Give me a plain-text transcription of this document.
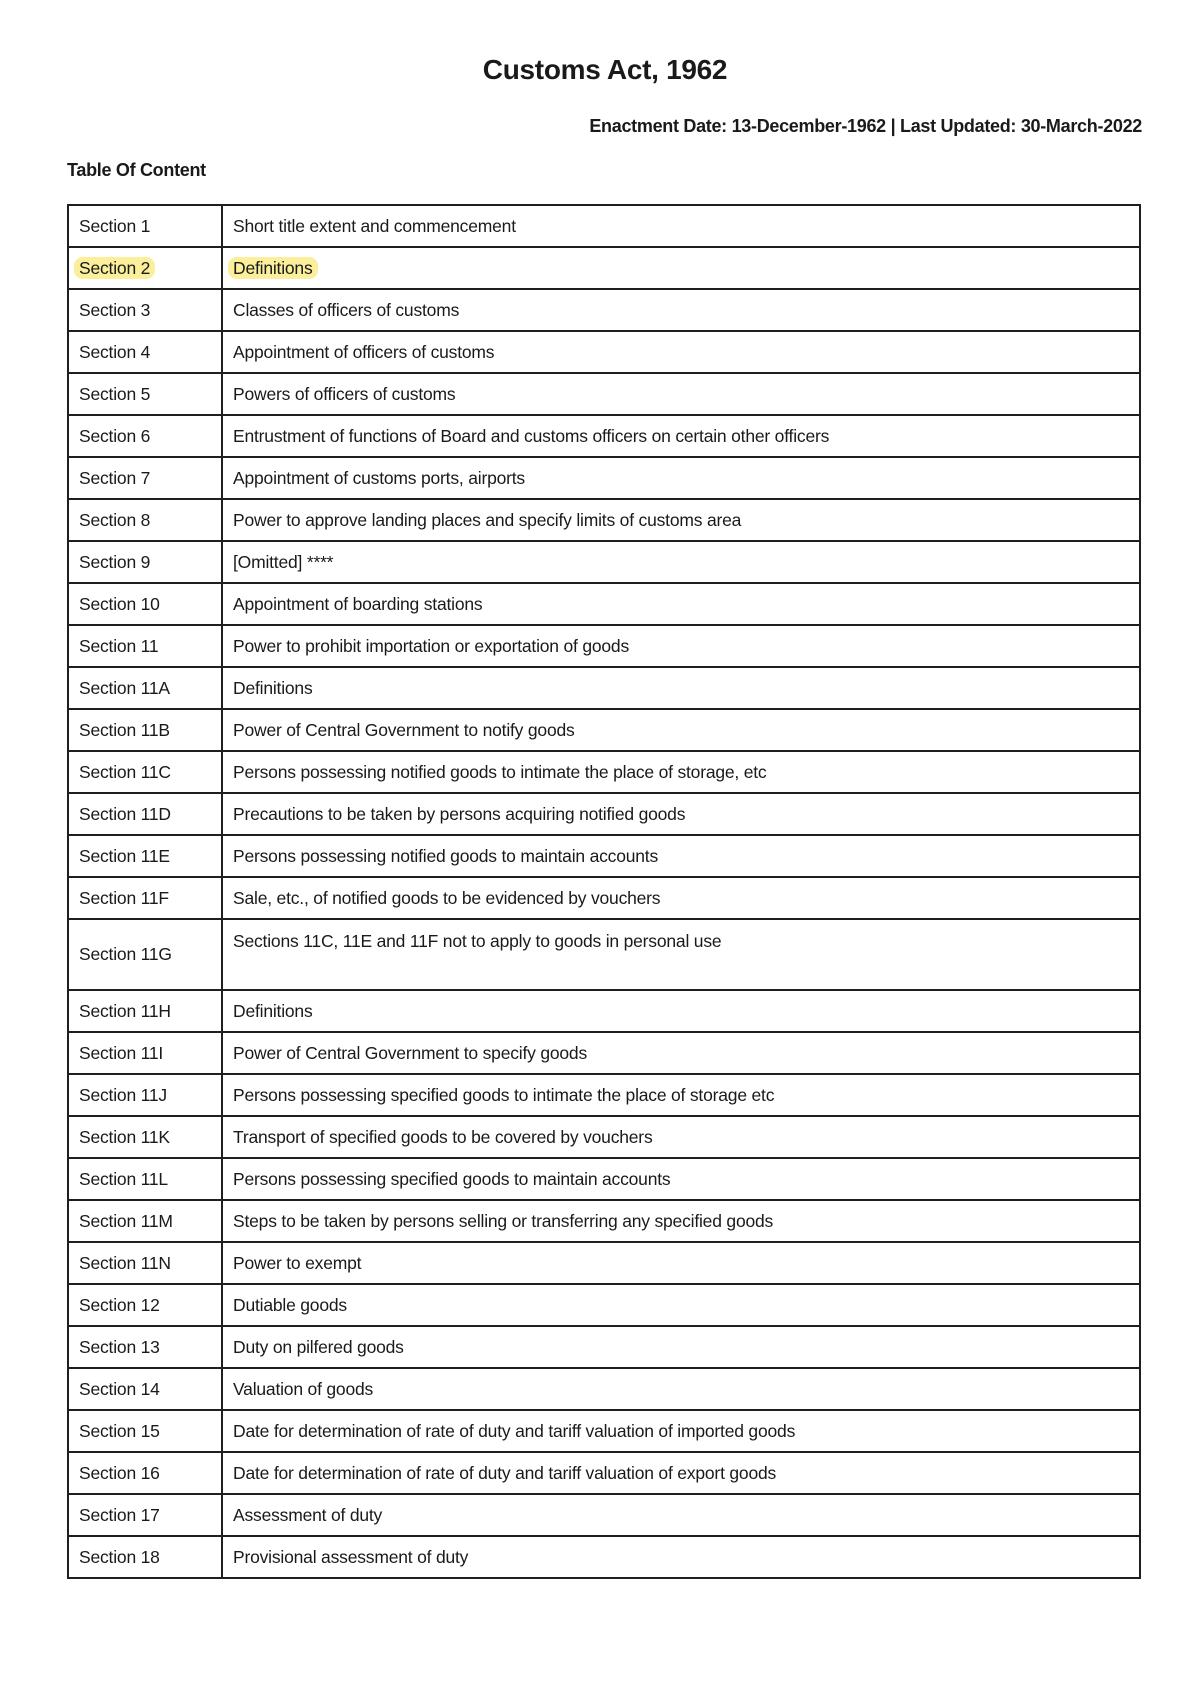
Customs Act, 1962
Enactment Date: 13-December-1962 | Last Updated: 30-March-2022
Table Of Content
Section 1	Short title extent and commencement
Section 2	Definitions
Section 3	Classes of officers of customs
Section 4	Appointment of officers of customs
Section 5	Powers of officers of customs
Section 6	Entrustment of functions of Board and customs officers on certain other officers
Section 7	Appointment of customs ports, airports
Section 8	Power to approve landing places and specify limits of customs area
Section 9	[Omitted] ****
Section 10	Appointment of boarding stations
Section 11	Power to prohibit importation or exportation of goods
Section 11A	Definitions
Section 11B	Power of Central Government to notify goods
Section 11C	Persons possessing notified goods to intimate the place of storage, etc
Section 11D	Precautions to be taken by persons acquiring notified goods
Section 11E	Persons possessing notified goods to maintain accounts
Section 11F	Sale, etc., of notified goods to be evidenced by vouchers
Section 11G	Sections 11C, 11E and 11F not to apply to goods in personal use
Section 11H	Definitions
Section 11I	Power of Central Government to specify goods
Section 11J	Persons possessing specified goods to intimate the place of storage etc
Section 11K	Transport of specified goods to be covered by vouchers
Section 11L	Persons possessing specified goods to maintain accounts
Section 11M	Steps to be taken by persons selling or transferring any specified goods
Section 11N	Power to exempt
Section 12	Dutiable goods
Section 13	Duty on pilfered goods
Section 14	Valuation of goods
Section 15	Date for determination of rate of duty and tariff valuation of imported goods
Section 16	Date for determination of rate of duty and tariff valuation of export goods
Section 17	Assessment of duty
Section 18	Provisional assessment of duty
